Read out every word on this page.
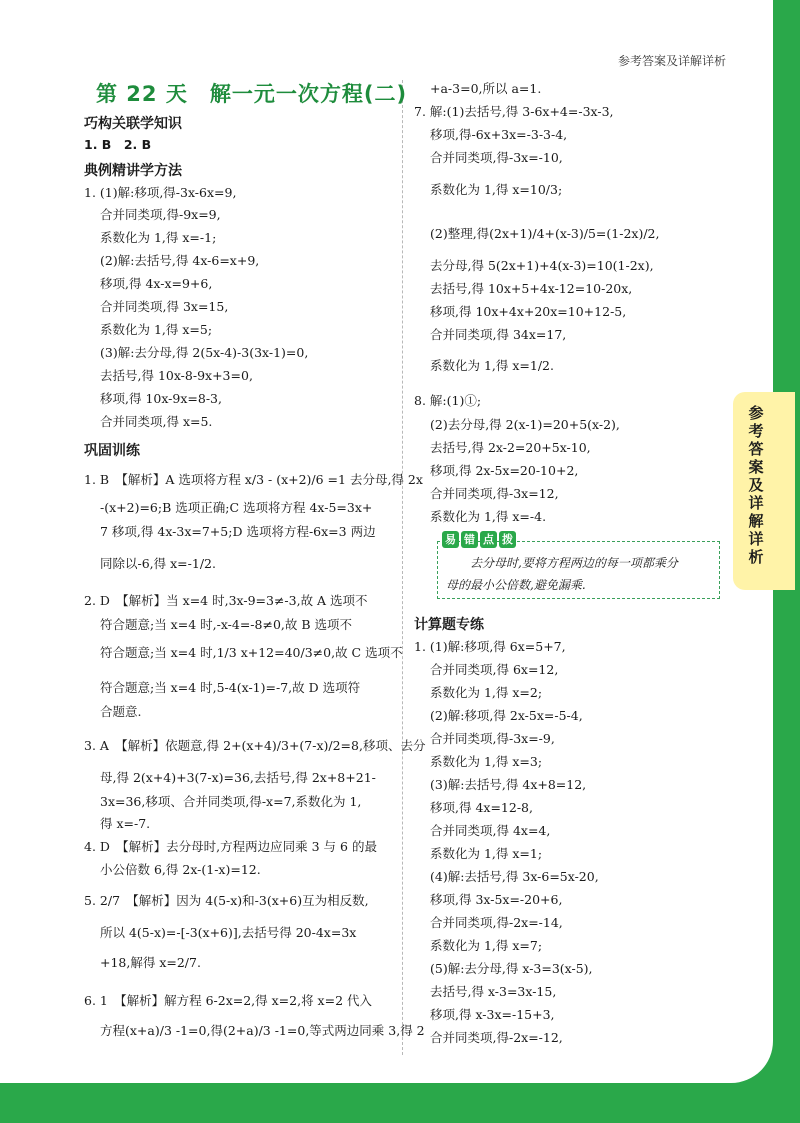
参考答案及详解详析
参考答案及详解详析
第 22 天　解一元一次方程(二)
巧构关联学知识
1. B　2. B
典例精讲学方法
1. (1)解:移项,得-3x-6x=9,
合并同类项,得-9x=9,
系数化为 1,得 x=-1;
(2)解:去括号,得 4x-6=x+9,
移项,得 4x-x=9+6,
合并同类项,得 3x=15,
系数化为 1,得 x=5;
(3)解:去分母,得 2(5x-4)-3(3x-1)=0,
去括号,得 10x-8-9x+3=0,
移项,得 10x-9x=8-3,
合并同类项,得 x=5.
巩固训练
1. B　【解析】A 选项将方程 x/3 - (x+2)/6 =1 去分母,得 2x
-(x+2)=6;B 选项正确;C 选项将方程 4x-5=3x+
7 移项,得 4x-3x=7+5;D 选项将方程-6x=3 两边
同除以-6,得 x=-1/2.
2. D　【解析】当 x=4 时,3x-9=3≠-3,故 A 选项不
符合题意;当 x=4 时,-x-4=-8≠0,故 B 选项不
符合题意;当 x=4 时,1/3 x+12=40/3≠0,故 C 选项不
符合题意;当 x=4 时,5-4(x-1)=-7,故 D 选项符
合题意.
3. A　【解析】依题意,得 2+(x+4)/3+(7-x)/2=8,移项、去分
母,得 2(x+4)+3(7-x)=36,去括号,得 2x+8+21-
3x=36,移项、合并同类项,得-x=7,系数化为 1,
得 x=-7.
4. D　【解析】去分母时,方程两边应同乘 3 与 6 的最
小公倍数 6,得 2x-(1-x)=12.
5. 2/7　【解析】因为 4(5-x)和-3(x+6)互为相反数,
所以 4(5-x)=-[-3(x+6)],去括号得 20-4x=3x
+18,解得 x=2/7.
6. 1　【解析】解方程 6-2x=2,得 x=2,将 x=2 代入
方程(x+a)/3 -1=0,得(2+a)/3 -1=0,等式两边同乘 3,得 2
+a-3=0,所以 a=1.
7. 解:(1)去括号,得 3-6x+4=-3x-3,
移项,得-6x+3x=-3-3-4,
合并同类项,得-3x=-10,
系数化为 1,得 x=10/3;
(2)整理,得(2x+1)/4+(x-3)/5=(1-2x)/2,
去分母,得 5(2x+1)+4(x-3)=10(1-2x),
去括号,得 10x+5+4x-12=10-20x,
移项,得 10x+4x+20x=10+12-5,
合并同类项,得 34x=17,
系数化为 1,得 x=1/2.
8. 解:(1)①;
(2)去分母,得 2(x-1)=20+5(x-2),
去括号,得 2x-2=20+5x-10,
移项,得 2x-5x=20-10+2,
合并同类项,得-3x=12,
系数化为 1,得 x=-4.
易 错 点 拨
去分母时,要将方程两边的每一项都乘分
母的最小公倍数,避免漏乘.
计算题专练
1. (1)解:移项,得 6x=5+7,
合并同类项,得 6x=12,
系数化为 1,得 x=2;
(2)解:移项,得 2x-5x=-5-4,
合并同类项,得-3x=-9,
系数化为 1,得 x=3;
(3)解:去括号,得 4x+8=12,
移项,得 4x=12-8,
合并同类项,得 4x=4,
系数化为 1,得 x=1;
(4)解:去括号,得 3x-6=5x-20,
移项,得 3x-5x=-20+6,
合并同类项,得-2x=-14,
系数化为 1,得 x=7;
(5)解:去分母,得 x-3=3(x-5),
去括号,得 x-3=3x-15,
移项,得 x-3x=-15+3,
合并同类项,得-2x=-12,
